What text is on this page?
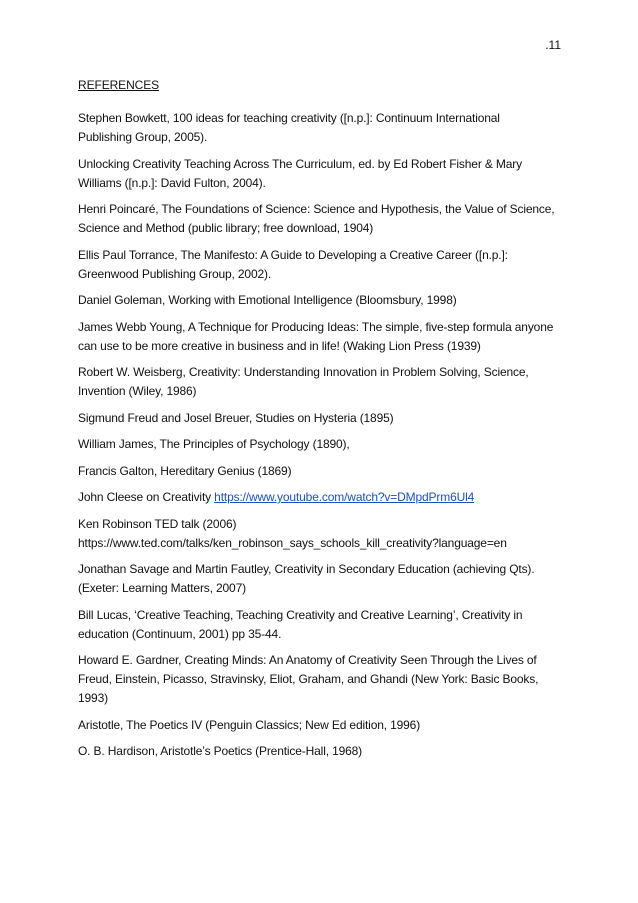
.11
REFERENCES
Stephen Bowkett, 100 ideas for teaching creativity ([n.p.]: Continuum International
Publishing Group, 2005).
Unlocking Creativity Teaching Across The Curriculum, ed. by Ed Robert Fisher & Mary
Williams ([n.p.]: David Fulton, 2004).
Henri Poincaré, The Foundations of Science: Science and Hypothesis, the Value of Science,
Science and Method (public library; free download, 1904)
Ellis Paul Torrance, The Manifesto: A Guide to Developing a Creative Career ([n.p.]:
Greenwood Publishing Group, 2002).
Daniel Goleman, Working with Emotional Intelligence (Bloomsbury, 1998)
James Webb Young, A Technique for Producing Ideas: The simple, five-step formula anyone
can use to be more creative in business and in life! (Waking Lion Press (1939)
Robert W. Weisberg, Creativity: Understanding Innovation in Problem Solving, Science,
Invention (Wiley, 1986)
Sigmund Freud and Josel Breuer, Studies on Hysteria (1895)
William James, The Principles of Psychology (1890),
Francis Galton, Hereditary Genius (1869)
John Cleese on Creativity https://www.youtube.com/watch?v=DMpdPrm6Ul4
Ken Robinson TED talk (2006)
https://www.ted.com/talks/ken_robinson_says_schools_kill_creativity?language=en
Jonathan Savage and Martin Fautley, Creativity in Secondary Education (achieving Qts).
(Exeter: Learning Matters, 2007)
Bill Lucas, ‘Creative Teaching, Teaching Creativity and Creative Learning’, Creativity in
education (Continuum, 2001) pp 35-44.
Howard E. Gardner, Creating Minds: An Anatomy of Creativity Seen Through the Lives of
Freud, Einstein, Picasso, Stravinsky, Eliot, Graham, and Ghandi (New York: Basic Books,
1993)
Aristotle, The Poetics IV (Penguin Classics; New Ed edition, 1996)
O. B. Hardison, Aristotle’s Poetics (Prentice-Hall, 1968)
